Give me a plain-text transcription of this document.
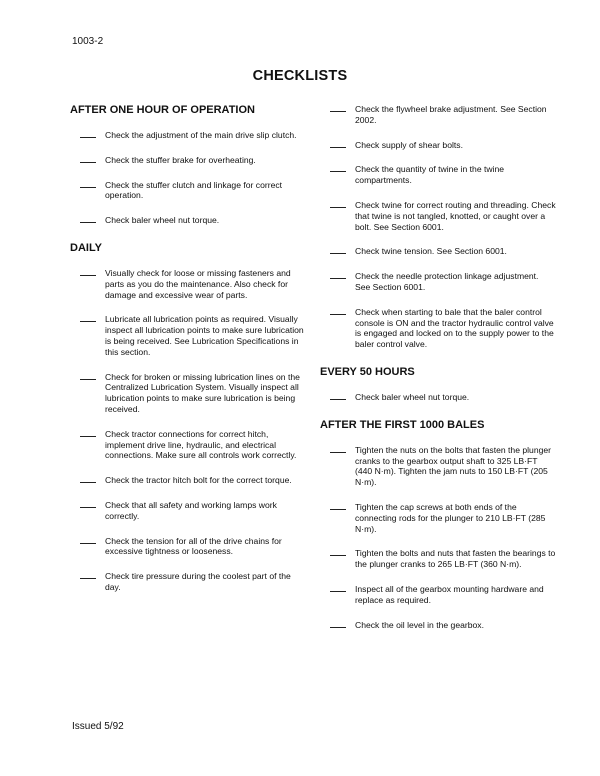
1003-2
CHECKLISTS
AFTER ONE HOUR OF OPERATION
Check the adjustment of the main drive slip clutch.
Check the stuffer brake for overheating.
Check the stuffer clutch and linkage for correct operation.
Check baler wheel nut torque.
DAILY
Visually check for loose or missing fasteners and parts as you do the maintenance. Also check for damage and excessive wear of parts.
Lubricate all lubrication points as required. Visually inspect all lubrication points to make sure lubrication is being received. See Lubrication Specifications in this section.
Check for broken or missing lubrication lines on the Centralized Lubrication System. Visually inspect all lubrication points to make sure lubrication is being received.
Check tractor connections for correct hitch, implement drive line, hydraulic, and electrical connections. Make sure all controls work correctly.
Check the tractor hitch bolt for the correct torque.
Check that all safety and working lamps work correctly.
Check the tension for all of the drive chains for excessive tightness or looseness.
Check tire pressure during the coolest part of the day.
Check the flywheel brake adjustment. See Section 2002.
Check supply of shear bolts.
Check the quantity of twine in the twine compartments.
Check twine for correct routing and threading. Check that twine is not tangled, knotted, or caught over a bolt. See Section 6001.
Check twine tension. See Section 6001.
Check the needle protection linkage adjustment. See Section 6001.
Check when starting to bale that the baler control console is ON and the tractor hydraulic control valve is engaged and locked on to the supply power to the baler control valve.
EVERY 50 HOURS
Check baler wheel nut torque.
AFTER THE FIRST 1000 BALES
Tighten the nuts on the bolts that fasten the plunger cranks to the gearbox output shaft to 325 LB·FT (440 N·m). Tighten the jam nuts to 150 LB·FT (205 N·m).
Tighten the cap screws at both ends of the connecting rods for the plunger to 210 LB·FT (285 N·m).
Tighten the bolts and nuts that fasten the bearings to the plunger cranks to 265 LB·FT (360 N·m).
Inspect all of the gearbox mounting hardware and replace as required.
Check the oil level in the gearbox.
Issued 5/92
